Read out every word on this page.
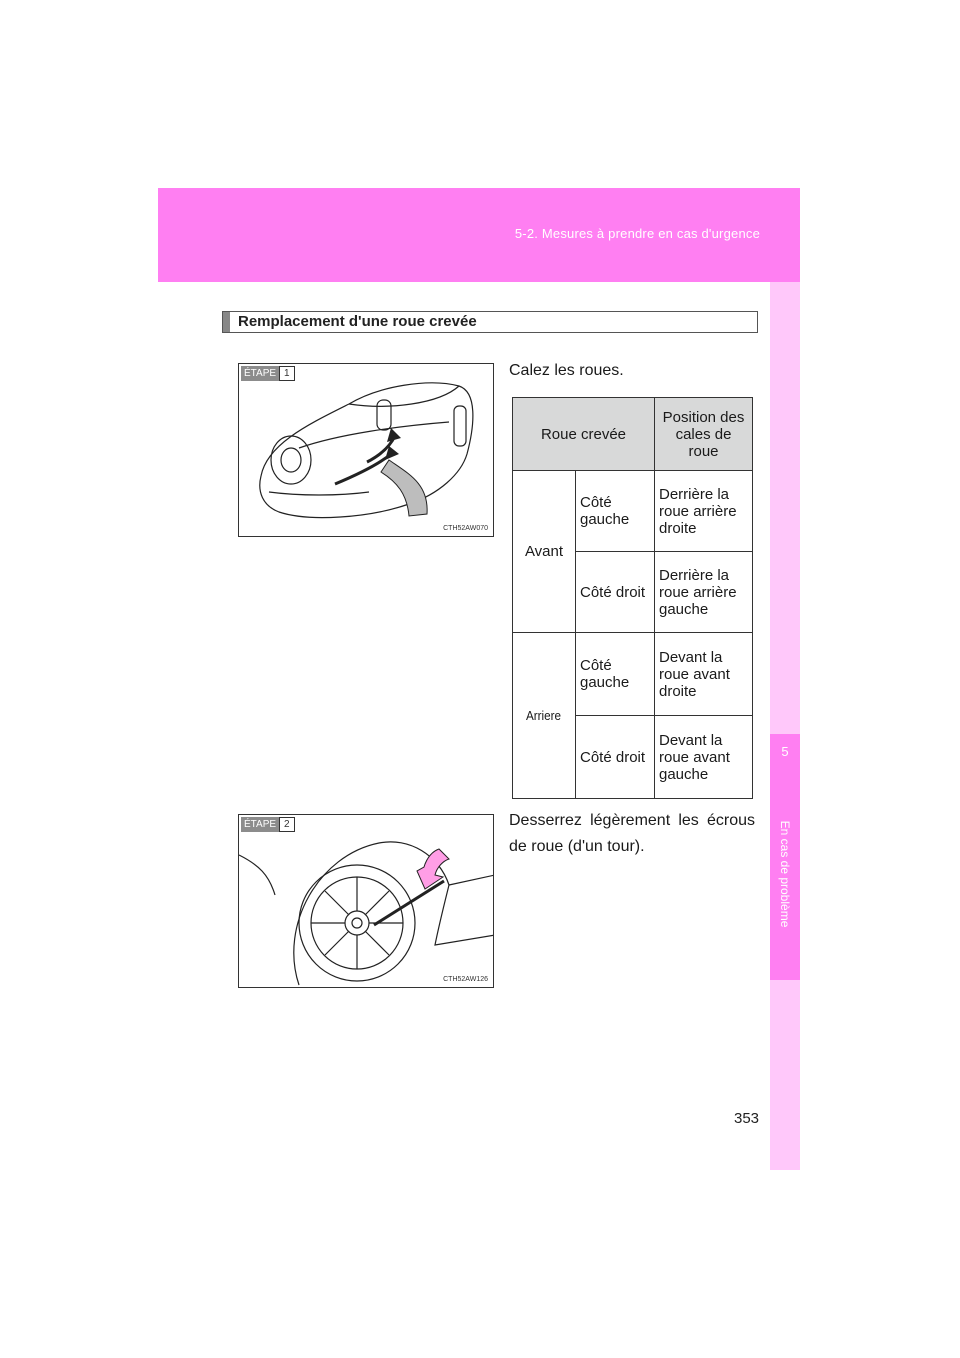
5-2. Mesures à prendre en cas d'urgence
5
En cas de problème
Remplacement d'une roue crevée
ÉTAPE 1
CTH52AW070
Calez les roues.
Roue crevée		Position des cales de roue
Avant	Côté gauche	Derrière la roue arrière droite
	Côté droit	Derrière la roue arrière gauche
Arriere	Côté gauche	Devant la roue avant droite
	Côté droit	Devant la roue avant gauche
ÉTAPE 2
CTH52AW126
Desserrez légèrement les écrous de roue (d'un tour).
353
